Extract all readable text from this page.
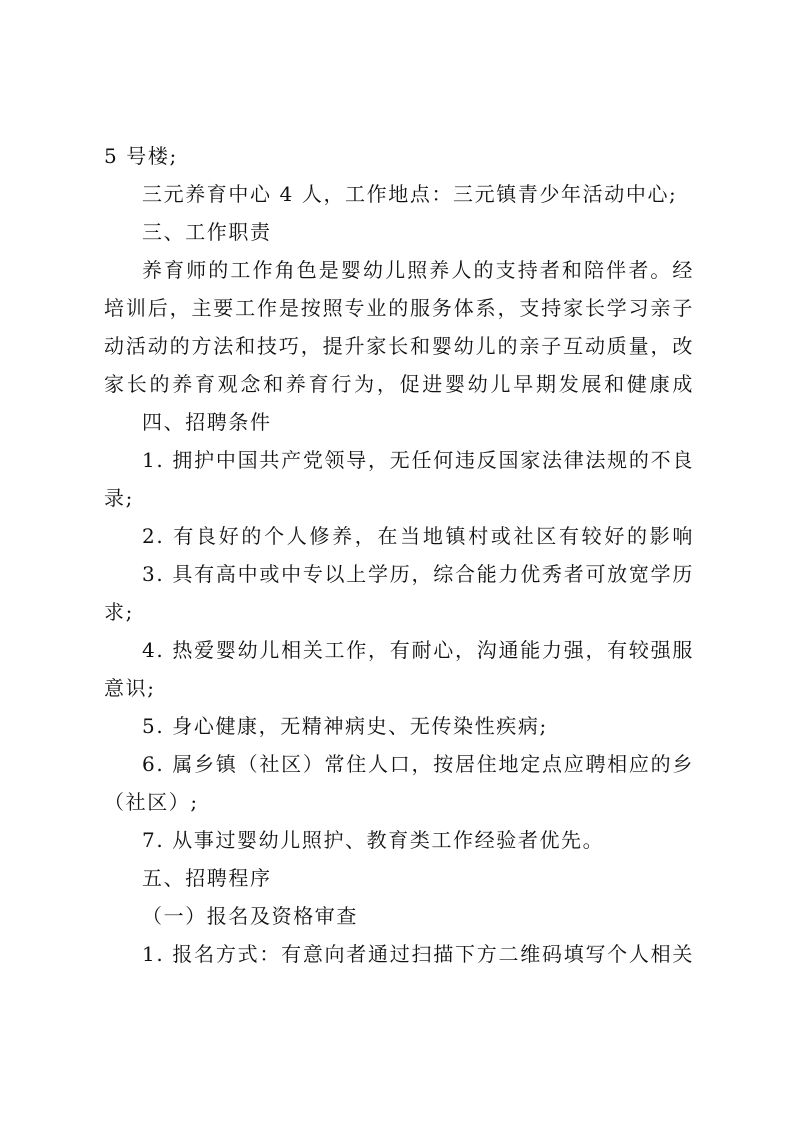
5 号楼;
三元养育中心 4 人，工作地点：三元镇青少年活动中心;
三、工作职责
养育师的工作角色是婴幼儿照养人的支持者和陪伴者。经
培训后，主要工作是按照专业的服务体系，支持家长学习亲子
动活动的方法和技巧，提升家长和婴幼儿的亲子互动质量，改
家长的养育观念和养育行为，促进婴幼儿早期发展和健康成
四、招聘条件
1. 拥护中国共产党领导，无任何违反国家法律法规的不良
录;
2. 有良好的个人修养，在当地镇村或社区有较好的影响
3. 具有高中或中专以上学历，综合能力优秀者可放宽学历
求;
4. 热爱婴幼儿相关工作，有耐心，沟通能力强，有较强服
意识;
5. 身心健康，无精神病史、无传染性疾病;
6. 属乡镇（社区）常住人口，按居住地定点应聘相应的乡
（社区）;
7. 从事过婴幼儿照护、教育类工作经验者优先。
五、招聘程序
（一）报名及资格审查
1. 报名方式：有意向者通过扫描下方二维码填写个人相关
